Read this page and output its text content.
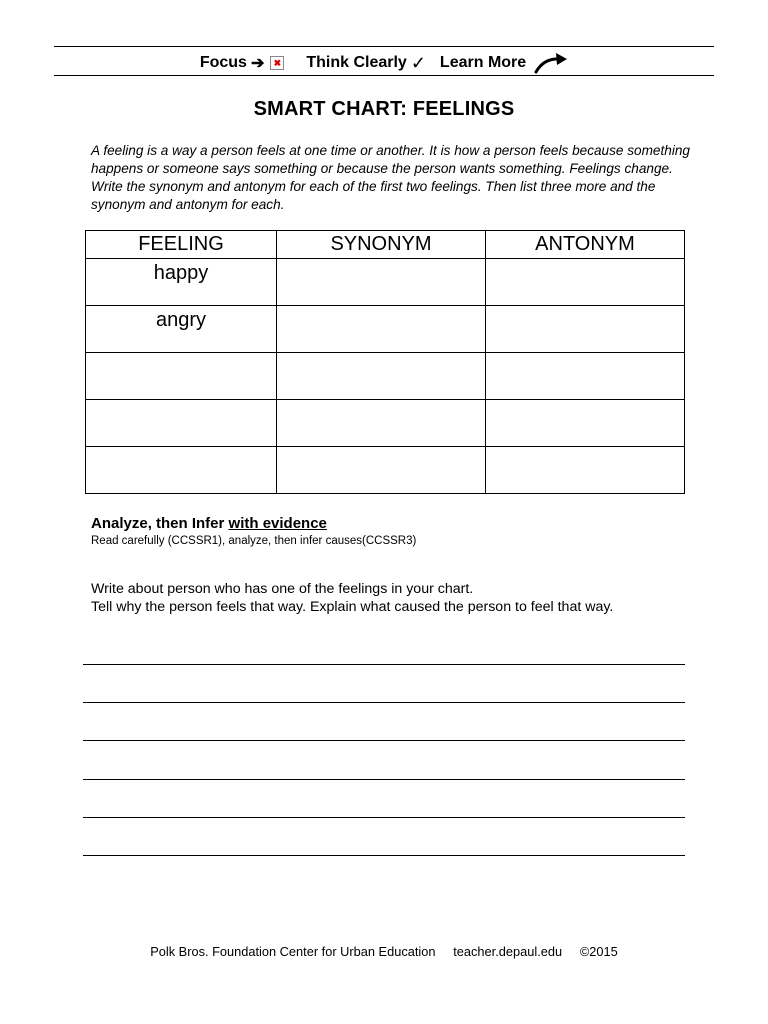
Focus ➔	✖ Think Clearly ✓ Learn More
SMART CHART: FEELINGS
A feeling is a way a person feels at one time or another. It is how a person feels because something happens or someone says something or because the person wants something. Feelings change. Write the synonym and antonym for each of the first two feelings. Then list three more and the synonym and antonym for each.
FEELING	SYNONYM	ANTONYM

happy		

angry		

Analyze, then Infer with evidence
Read carefully (CCSSR1), analyze, then infer causes(CCSSR3)
Write about person who has one of the feelings in your chart.
Tell why the person feels that way. Explain what caused the person to feel that way.
Polk Bros. Foundation Center for Urban Education     teacher.depaul.edu     ©2015
